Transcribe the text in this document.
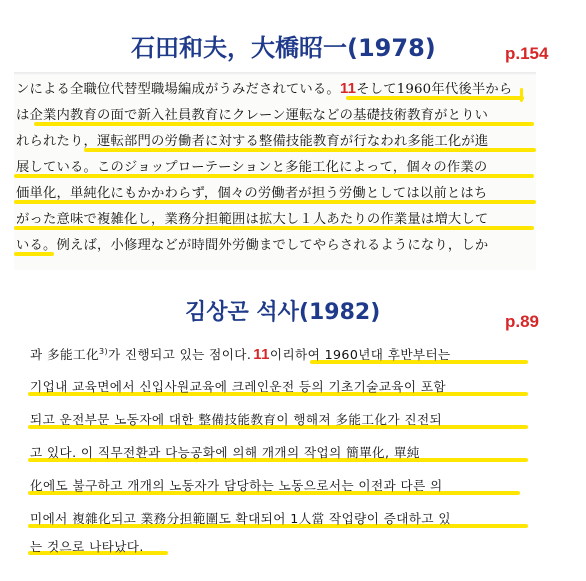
石田和夫，大橋昭一(1978)	p.154
ンによる全職位代替型職場編成がうみだされている。11そして1960年代後半から
は企業内教育の面で新入社員教育にクレーン運転などの基礎技術教育がとりい
れられたり，運転部門の労働者に対する整備技能教育が行なわれ多能工化が進
展している。このジョップローテーションと多能工化によって，個々の作業の
価単化，単純化にもかかわらず，個々の労働者が担う労働としては以前とはち
がった意味で複雑化し，業務分担範囲は拡大し１人あたりの作業量は増大して
いる。例えば，小修理などが時間外労働までしてやらされるようになり，しか
김상곤 석사(1982)	p.89
과 多能工化$^{3)}$가 진행되고 있는 점이다. 11이리하여 1960년대 후반부터는
기업내 교육면에서 신입사원교육에 크레인운전 등의 기초기술교육이 포함
되고 운전부문 노동자에 대한 整備技能教育이 행해져 多能工化가 진전되
고 있다. 이 직무전환과 다능공화에 의해 개개의 작업의 簡單化, 單純
化에도 불구하고 개개의 노동자가 담당하는 노동으로서는 이전과 다른 의
미에서 複雜化되고 業務分担範圍도 확대되어 1人當 작업량이 증대하고 있
는 것으로 나타났다.
